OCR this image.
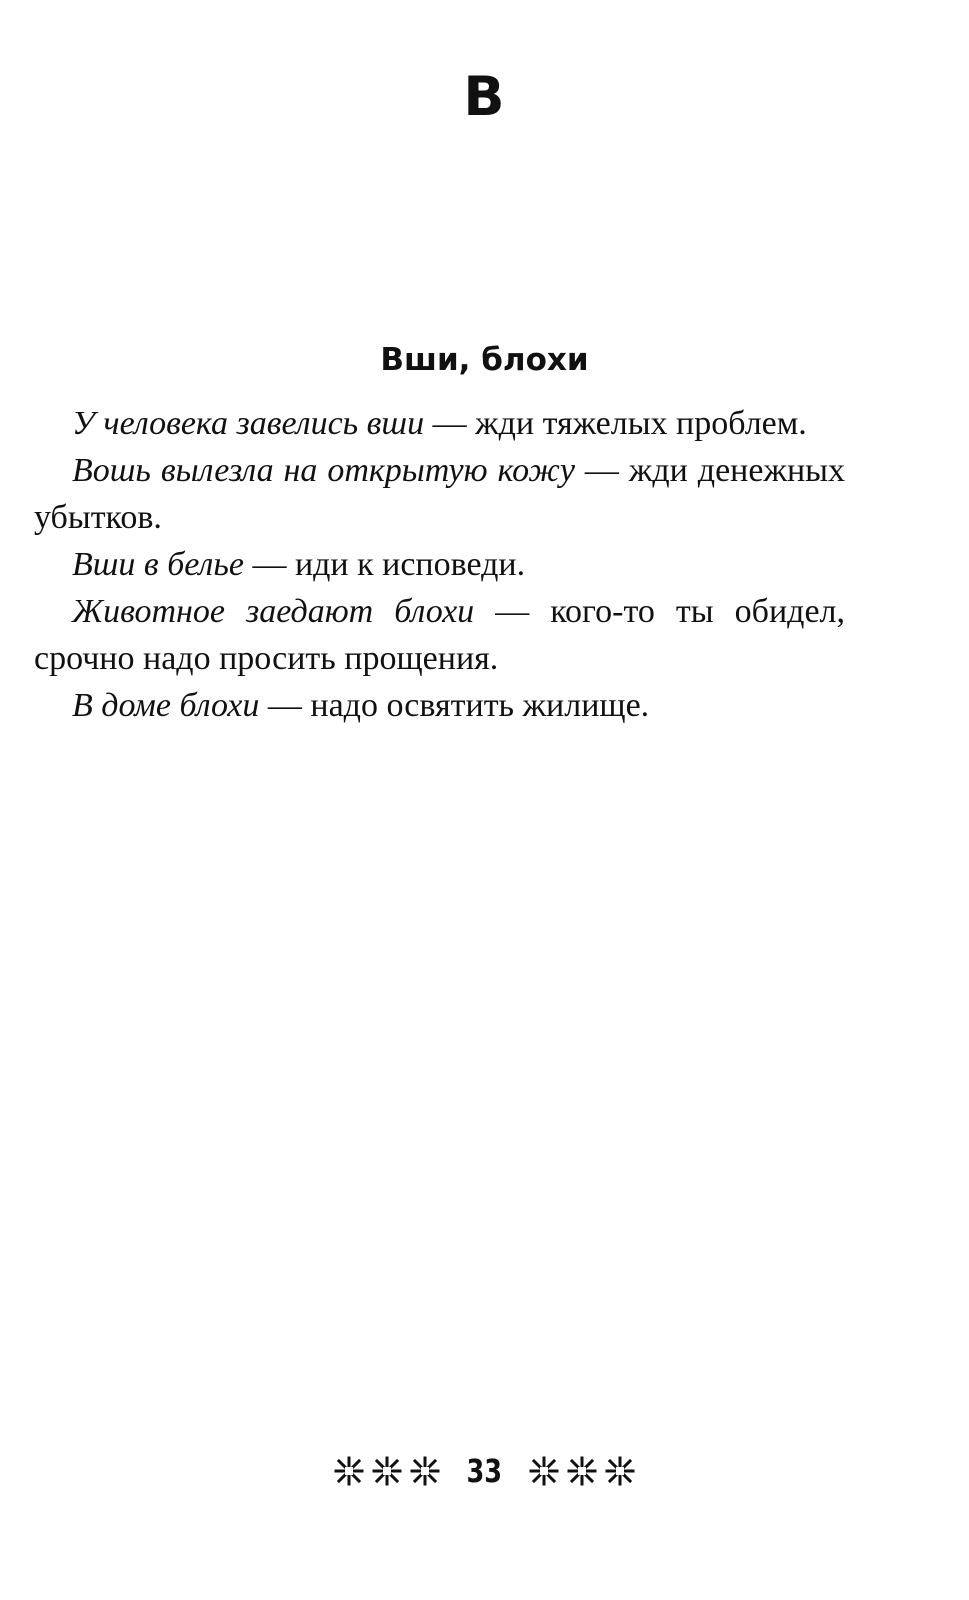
В
Вши, блохи

У человека завелись вши — жди тяжелых проблем.

Вошь вылезла на открытую кожу — жди денежных убытков.

Вши в белье — иди к исповеди.

Животное заедают блохи — кого-то ты обидел, срочно надо просить прощения.

В доме блохи — надо освятить жилище.

33
